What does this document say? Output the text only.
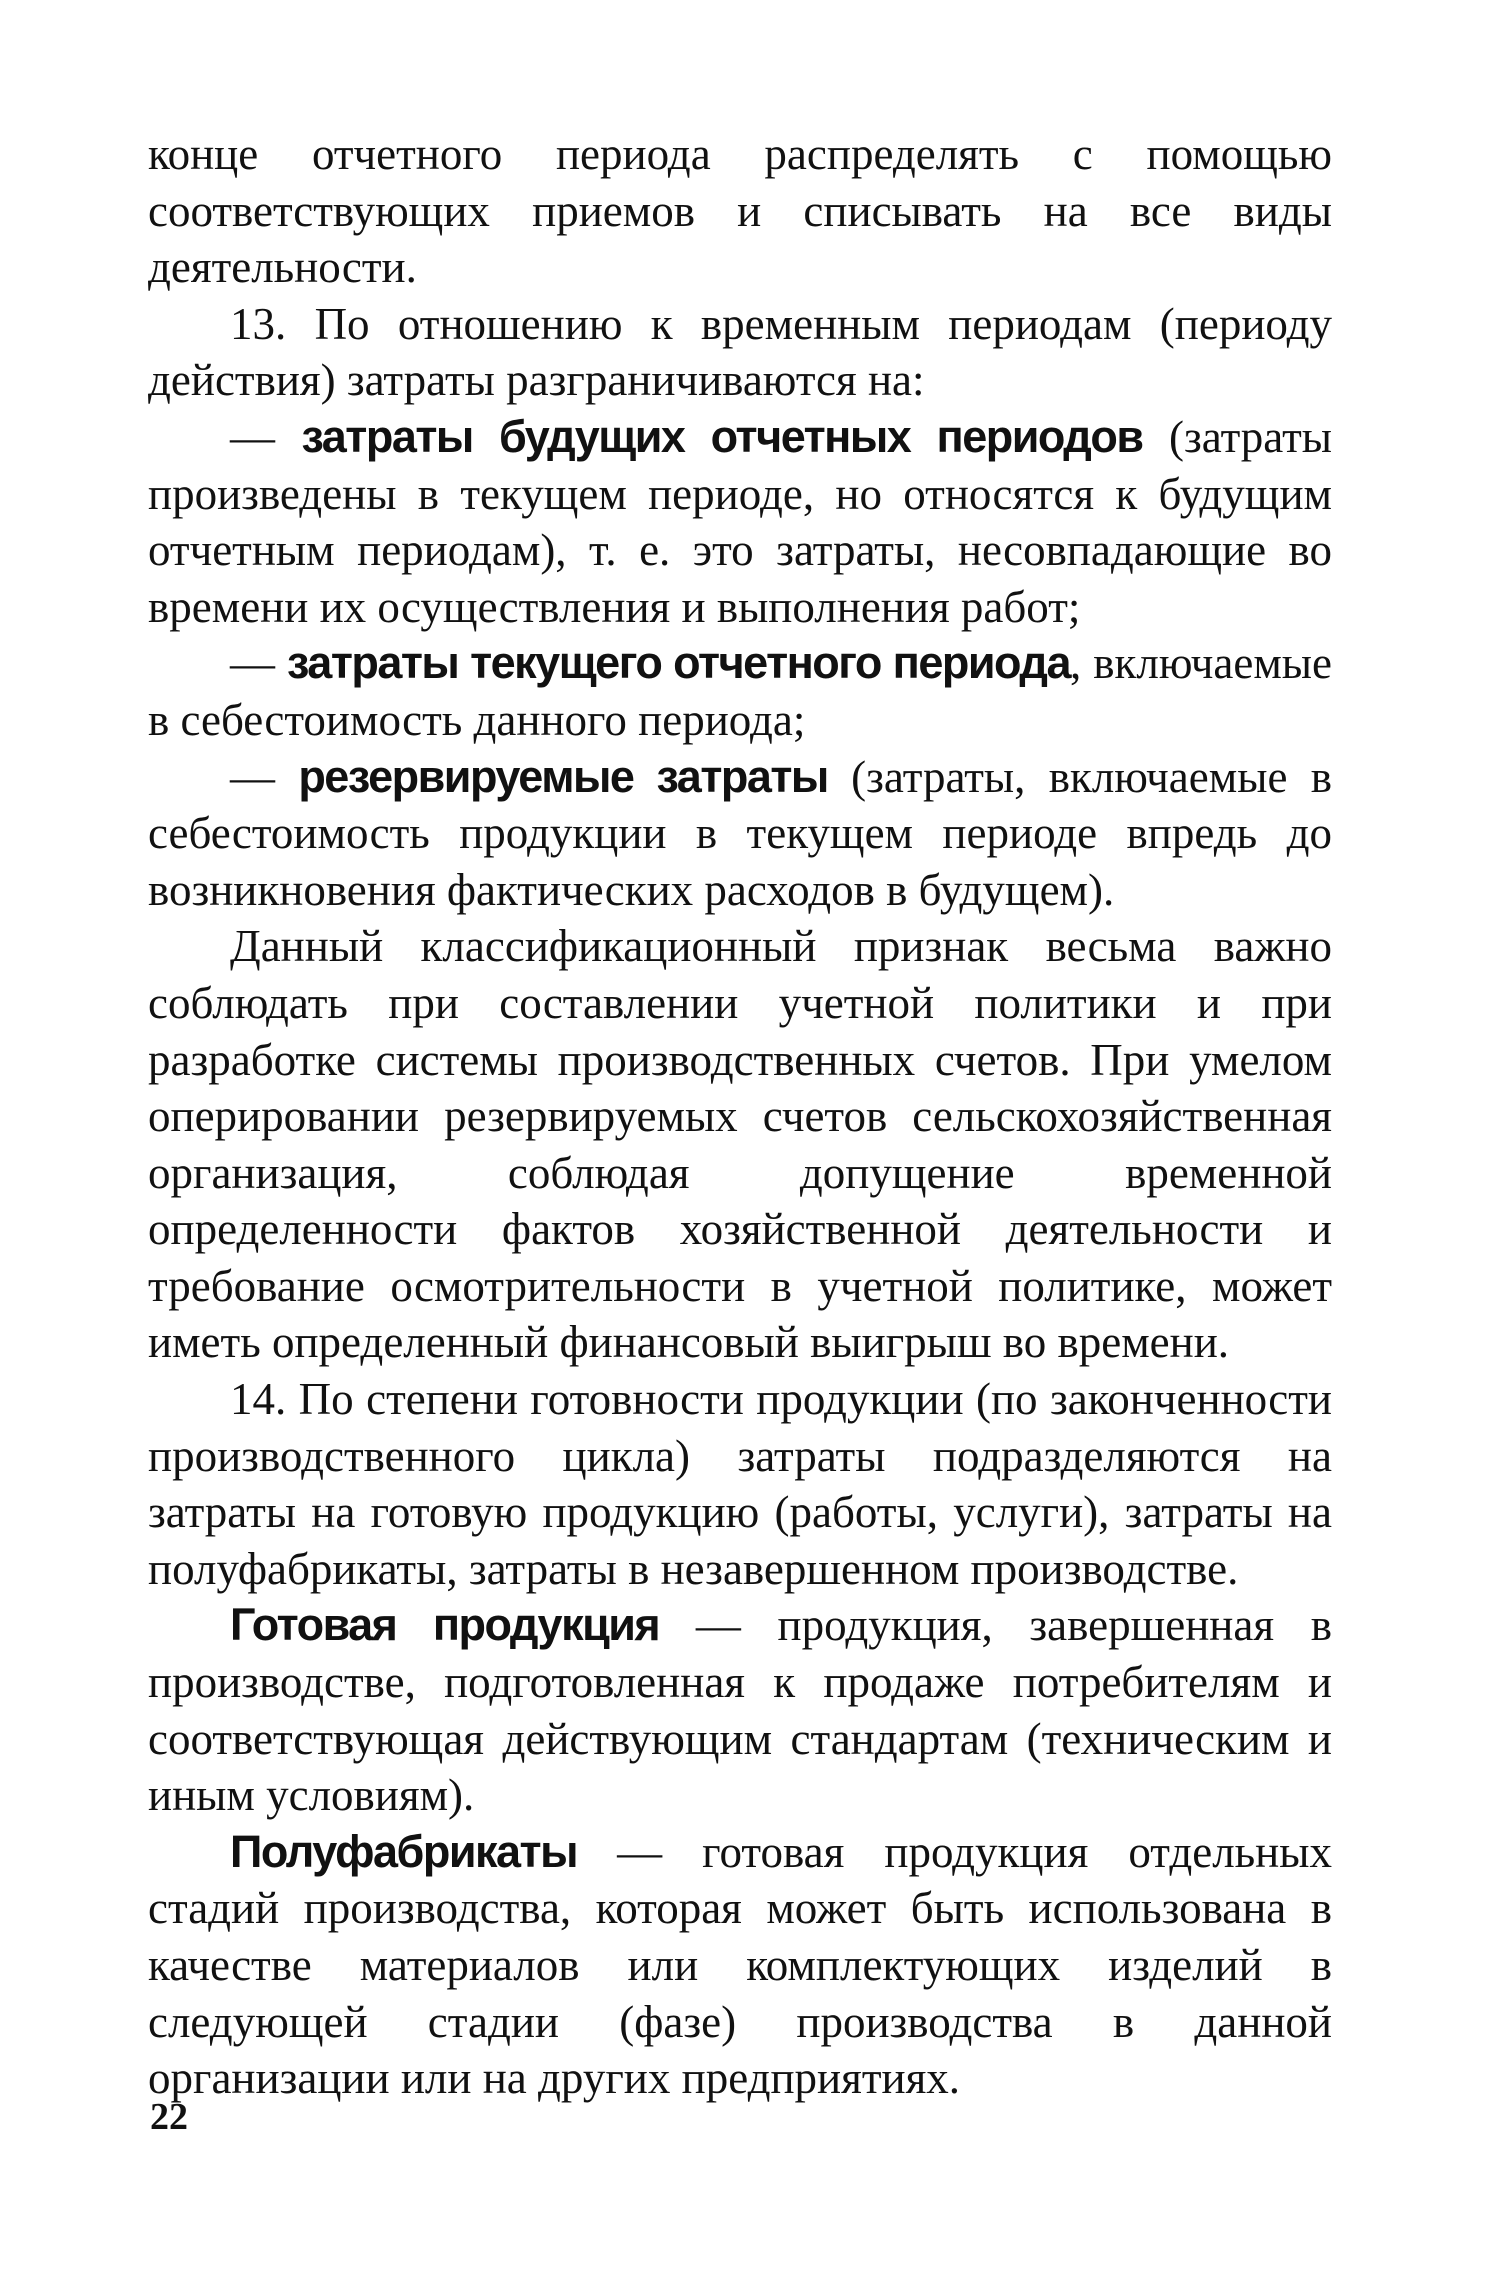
конце отчетного периода распределять с помощью соответствующих приемов и списывать на все виды деятельности.

13. По отношению к временным периодам (периоду действия) затраты разграничиваются на:

— затраты будущих отчетных периодов (затраты произведены в текущем периоде, но относятся к будущим отчетным периодам), т. е. это затраты, несовпадающие во времени их осуществления и выполнения работ;

— затраты текущего отчетного периода, включаемые в себестоимость данного периода;

— резервируемые затраты (затраты, включаемые в себестоимость продукции в текущем периоде впредь до возникновения фактических расходов в будущем).

Данный классификационный признак весьма важно соблюдать при составлении учетной политики и при разработке системы производственных счетов. При умелом оперировании резервируемых счетов сельскохозяйственная организация, соблюдая допущение временной определенности фактов хозяйственной деятельности и требование осмотрительности в учетной политике, может иметь определенный финансовый выигрыш во времени.

14. По степени готовности продукции (по законченности производственного цикла) затраты подразделяются на затраты на готовую продукцию (работы, услуги), затраты на полуфабрикаты, затраты в незавершенном производстве.

Готовая продукция — продукция, завершенная в производстве, подготовленная к продаже потребителям и соответствующая действующим стандартам (техническим и иным условиям).

Полуфабрикаты — готовая продукция отдельных стадий производства, которая может быть использована в качестве материалов или комплектующих изделий в следующей стадии (фазе) производства в данной организации или на других предприятиях.

22
